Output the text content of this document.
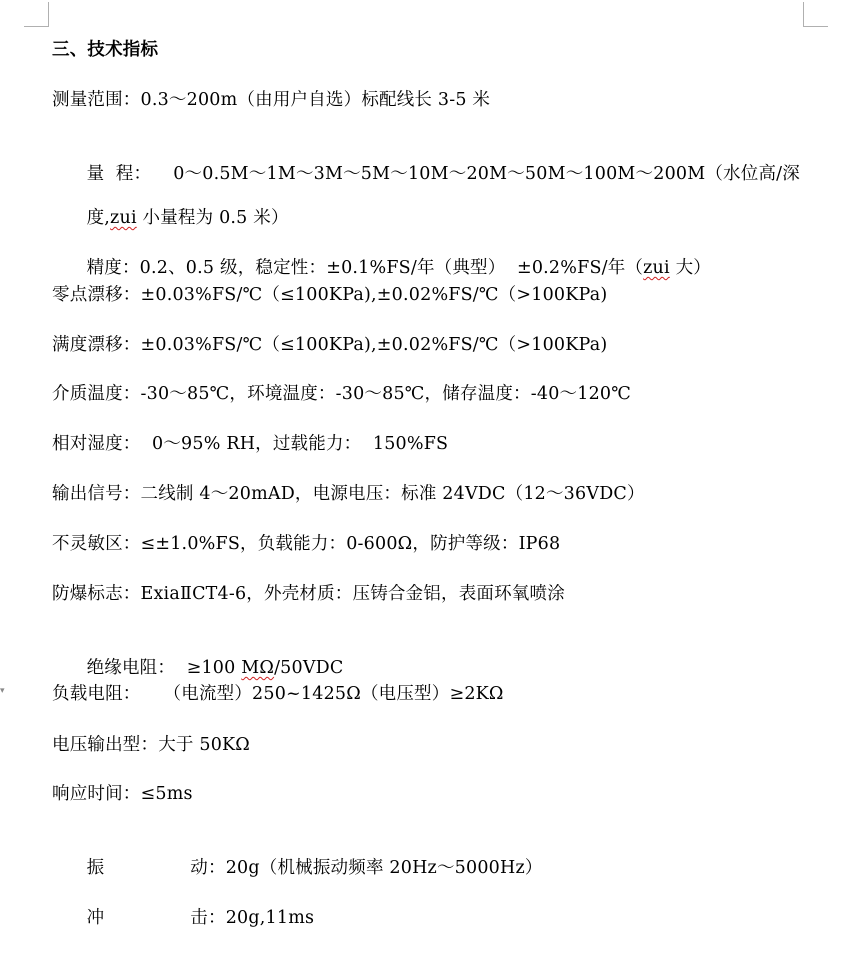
▾
三、技术指标
测量范围：0.3～200m（由用户自选）标配线长 3-5 米

量  程： 0～0.5M～1M～3M～5M～10M～20M～50M～100M～200M（水位高/深

度,zui 小量程为 0.5 米）

精度：0.2、0.5 级，稳定性：±0.1%FS/年（典型）  ±0.2%FS/年（zui 大）

零点漂移：±0.03%FS/℃（≤100KPa),±0.02%FS/℃（>100KPa)
满度漂移：±0.03%FS/℃（≤100KPa),±0.02%FS/℃（>100KPa)
介质温度：-30～85℃，环境温度：-30～85℃，储存温度：-40～120℃
相对湿度：  0～95% RH，过载能力：  150%FS
输出信号：二线制 4～20mAD，电源电压：标准 24VDC（12～36VDC）
不灵敏区：≤±1.0%FS，负载能力：0-600Ω，防护等级：IP68
防爆标志：ExiaⅡCT4-6，外壳材质：压铸合金铝，表面环氧喷涂

绝缘电阻：  ≥100 MΩ/50VDC

负载电阻：    （电流型）250~1425Ω（电压型）≥2KΩ
电压输出型：大于 50KΩ
响应时间：≤5ms

振	动：20g（机械振动频率 20Hz～5000Hz）

冲	击：20g,11ms
